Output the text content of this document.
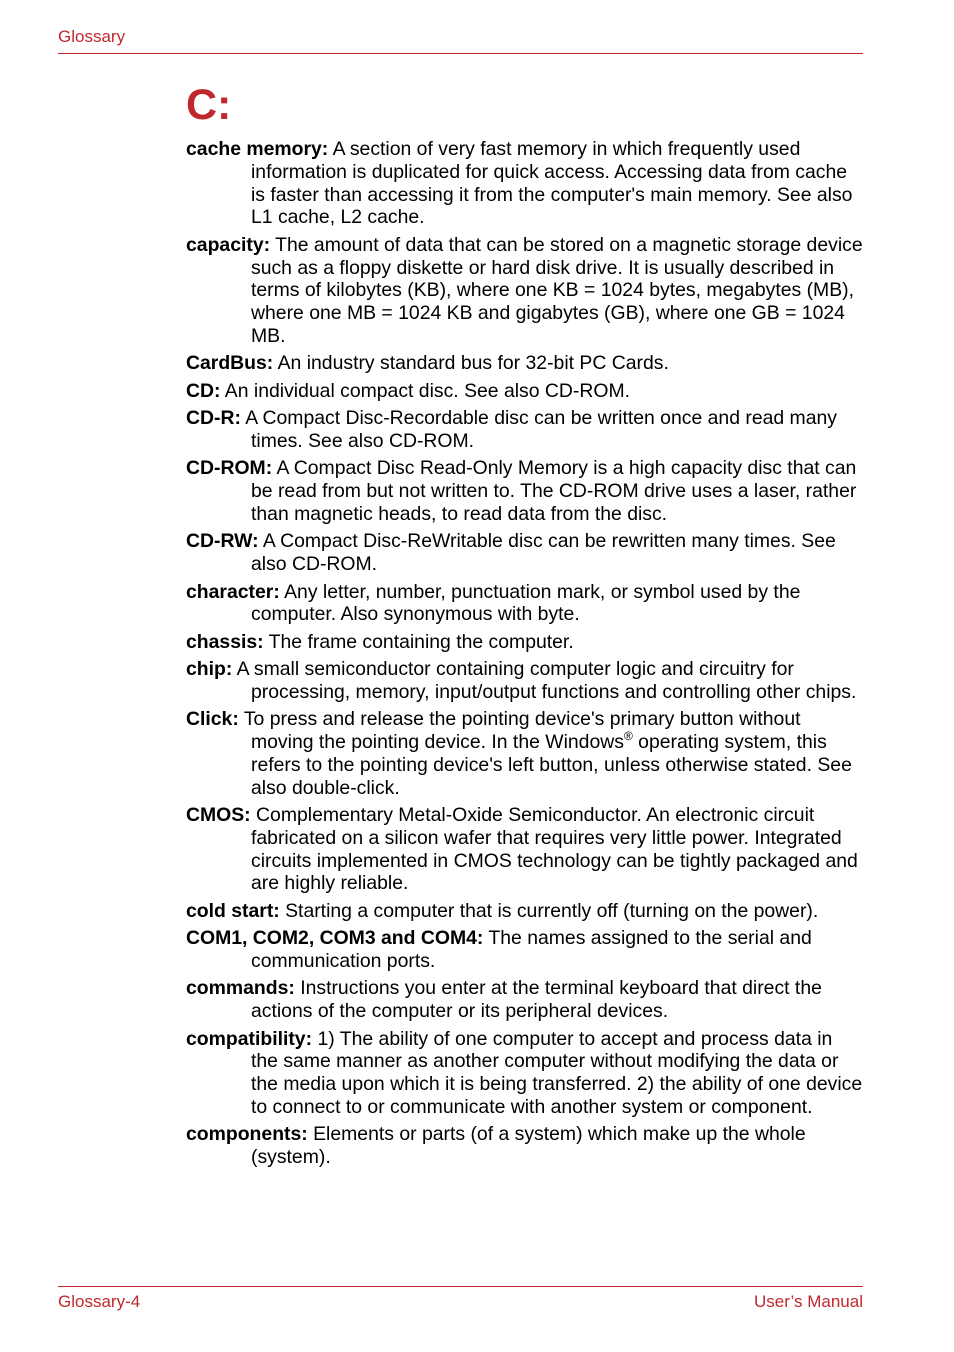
Glossary
C:

cache memory: A section of very fast memory in which frequently used information is duplicated for quick access. Accessing data from cache is faster than accessing it from the computer's main memory. See also L1 cache, L2 cache.

capacity: The amount of data that can be stored on a magnetic storage device such as a floppy diskette or hard disk drive. It is usually described in terms of kilobytes (KB), where one KB = 1024 bytes, megabytes (MB), where one MB = 1024 KB and gigabytes (GB), where one GB = 1024 MB.

CardBus: An industry standard bus for 32-bit PC Cards.

CD: An individual compact disc. See also CD-ROM.

CD-R: A Compact Disc-Recordable disc can be written once and read many times. See also CD-ROM.

CD-ROM: A Compact Disc Read-Only Memory is a high capacity disc that can be read from but not written to. The CD-ROM drive uses a laser, rather than magnetic heads, to read data from the disc.

CD-RW: A Compact Disc-ReWritable disc can be rewritten many times. See also CD-ROM.

character: Any letter, number, punctuation mark, or symbol used by the computer. Also synonymous with byte.

chassis: The frame containing the computer.

chip: A small semiconductor containing computer logic and circuitry for processing, memory, input/output functions and controlling other chips.

Click: To press and release the pointing device's primary button without moving the pointing device. In the Windows® operating system, this refers to the pointing device's left button, unless otherwise stated. See also double-click.

CMOS: Complementary Metal-Oxide Semiconductor. An electronic circuit fabricated on a silicon wafer that requires very little power. Integrated circuits implemented in CMOS technology can be tightly packaged and are highly reliable.

cold start: Starting a computer that is currently off (turning on the power).

COM1, COM2, COM3 and COM4: The names assigned to the serial and communication ports.

commands: Instructions you enter at the terminal keyboard that direct the actions of the computer or its peripheral devices.

compatibility: 1) The ability of one computer to accept and process data in the same manner as another computer without modifying the data or the media upon which it is being transferred. 2) the ability of one device to connect to or communicate with another system or component.

components: Elements or parts (of a system) which make up the whole (system).

Glossary-4	User’s Manual
